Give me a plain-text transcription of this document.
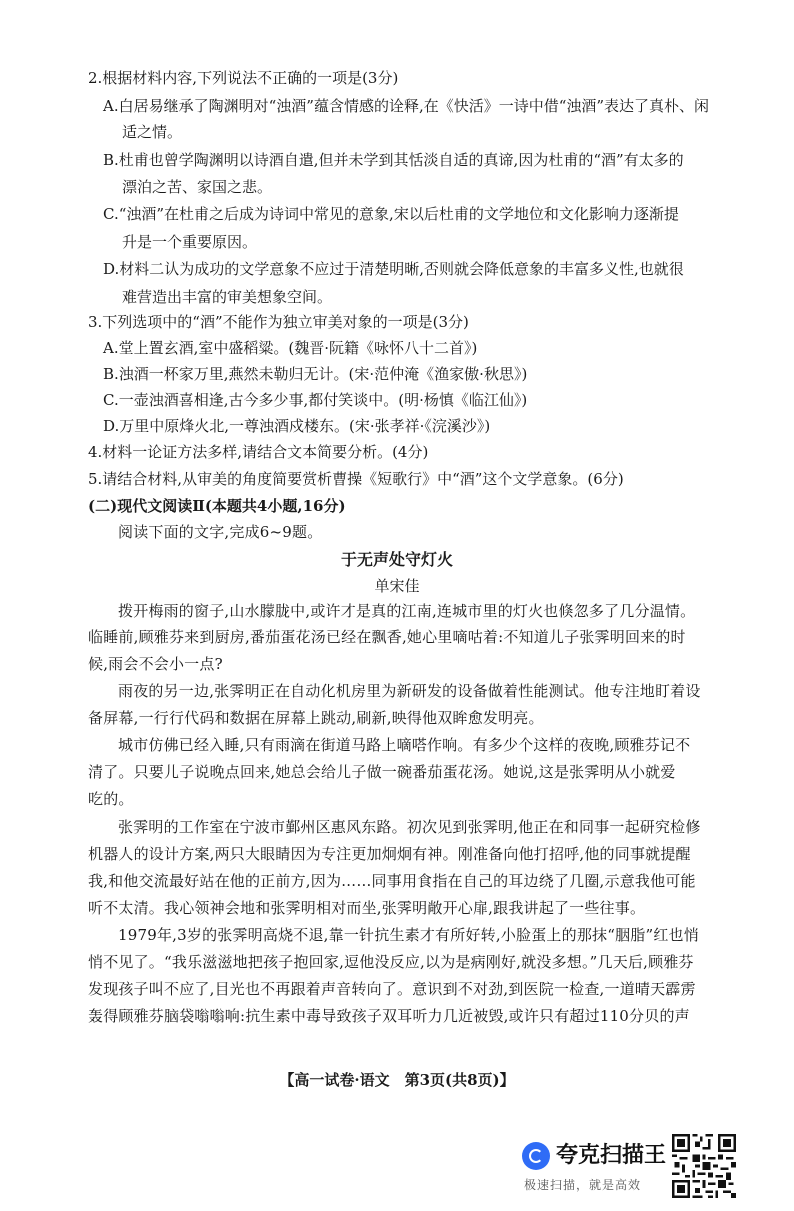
2.根据材料内容,下列说法不正确的一项是(3分)
A.白居易继承了陶渊明对“浊酒”蕴含情感的诠释,在《快活》一诗中借“浊酒”表达了真朴、闲
适之情。
B.杜甫也曾学陶渊明以诗酒自遣,但并未学到其恬淡自适的真谛,因为杜甫的“酒”有太多的
漂泊之苦、家国之悲。
C.“浊酒”在杜甫之后成为诗词中常见的意象,宋以后杜甫的文学地位和文化影响力逐渐提
升是一个重要原因。
D.材料二认为成功的文学意象不应过于清楚明晰,否则就会降低意象的丰富多义性,也就很
难营造出丰富的审美想象空间。
3.下列选项中的“酒”不能作为独立审美对象的一项是(3分)
A.堂上置玄酒,室中盛稻粱。(魏晋·阮籍《咏怀八十二首》)
B.浊酒一杯家万里,燕然未勒归无计。(宋·范仲淹《渔家傲·秋思》)
C.一壶浊酒喜相逢,古今多少事,都付笑谈中。(明·杨慎《临江仙》)
D.万里中原烽火北,一尊浊酒戍楼东。(宋·张孝祥·《浣溪沙》)
4.材料一论证方法多样,请结合文本简要分析。(4分)
5.请结合材料,从审美的角度简要赏析曹操《短歌行》中“酒”这个文学意象。(6分)
(二)现代文阅读Ⅱ(本题共4小题,16分)
阅读下面的文字,完成6~9题。
于无声处守灯火
单宋佳
拨开梅雨的窗子,山水朦胧中,或许才是真的江南,连城市里的灯火也倏忽多了几分温情。
临睡前,顾雅芬来到厨房,番茄蛋花汤已经在飘香,她心里嘀咕着:不知道儿子张霁明回来的时
候,雨会不会小一点?
雨夜的另一边,张霁明正在自动化机房里为新研发的设备做着性能测试。他专注地盯着设
备屏幕,一行行代码和数据在屏幕上跳动,刷新,映得他双眸愈发明亮。
城市仿佛已经入睡,只有雨滴在街道马路上嘀嗒作响。有多少个这样的夜晚,顾雅芬记不
清了。只要儿子说晚点回来,她总会给儿子做一碗番茄蛋花汤。她说,这是张霁明从小就爱
吃的。
张霁明的工作室在宁波市鄞州区惠风东路。初次见到张霁明,他正在和同事一起研究检修
机器人的设计方案,两只大眼睛因为专注更加炯炯有神。刚准备向他打招呼,他的同事就提醒
我,和他交流最好站在他的正前方,因为……同事用食指在自己的耳边绕了几圈,示意我他可能
听不太清。我心领神会地和张霁明相对而坐,张霁明敞开心扉,跟我讲起了一些往事。
1979年,3岁的张霁明高烧不退,靠一针抗生素才有所好转,小脸蛋上的那抹“胭脂”红也悄
悄不见了。“我乐滋滋地把孩子抱回家,逗他没反应,以为是病刚好,就没多想。”几天后,顾雅芬
发现孩子叫不应了,目光也不再跟着声音转向了。意识到不对劲,到医院一检查,一道晴天霹雳
轰得顾雅芬脑袋嗡嗡响:抗生素中毒导致孩子双耳听力几近被毁,或许只有超过110分贝的声
【高一试卷·语文　第3页(共8页)】
夸克扫描王
极速扫描，就是高效
